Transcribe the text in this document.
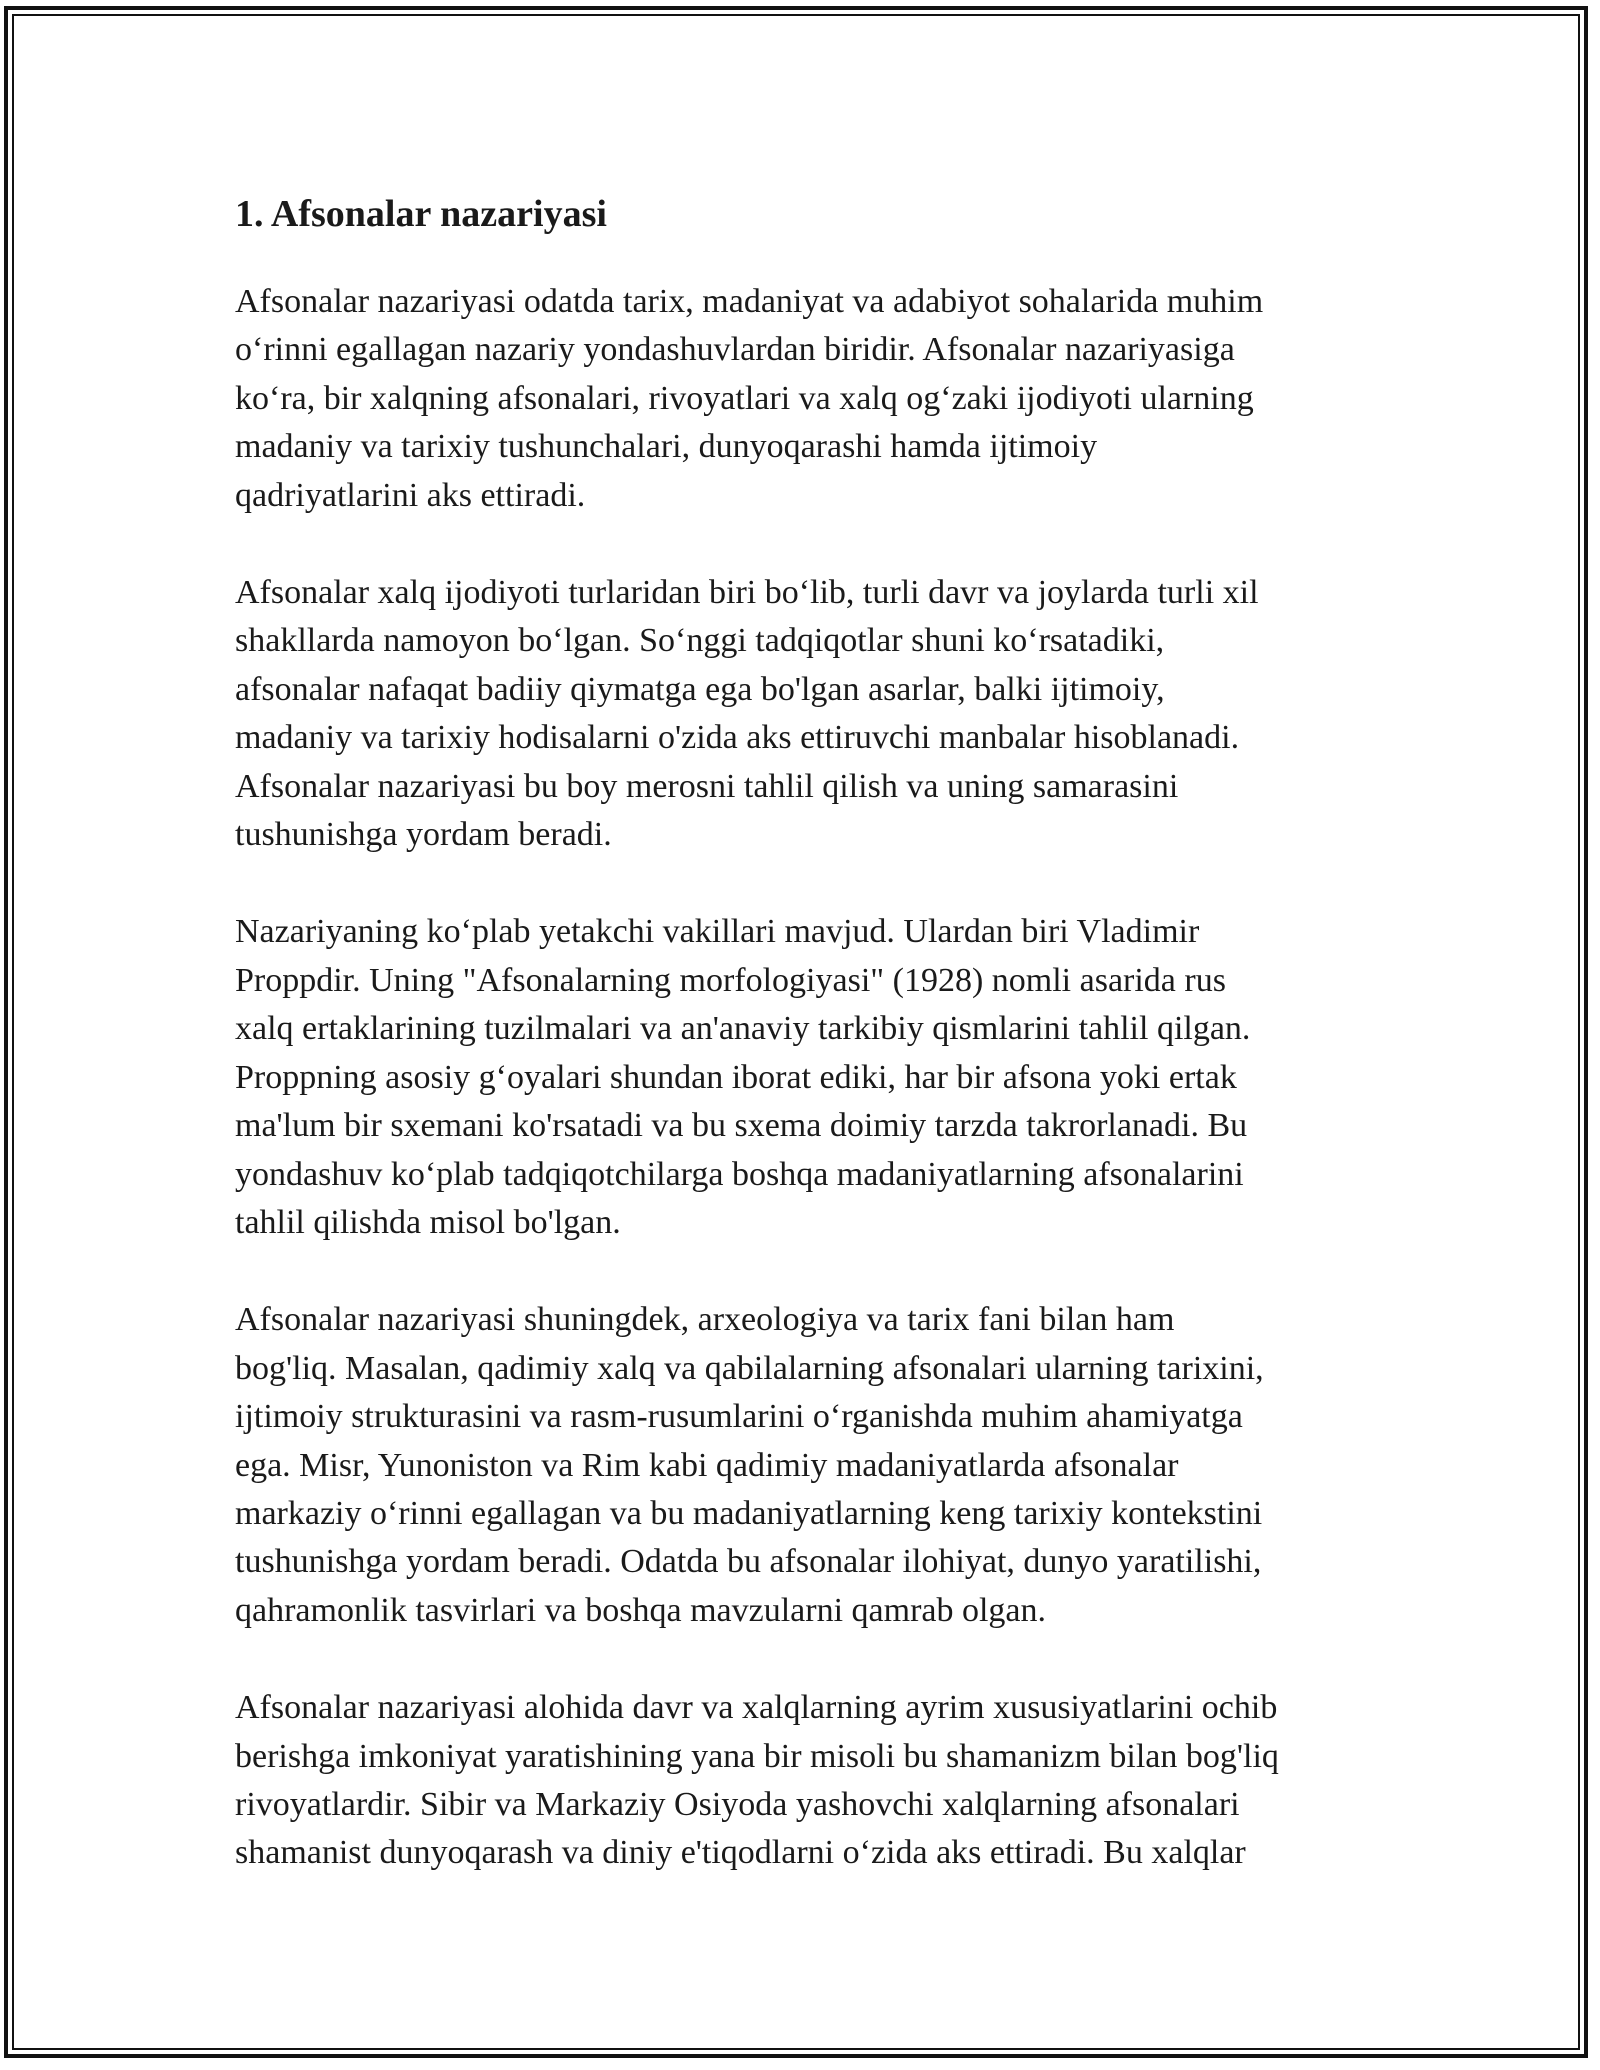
1. Afsonalar nazariyasi

Afsonalar nazariyasi odatda tarix, madaniyat va adabiyot sohalarida muhim
o‘rinni egallagan nazariy yondashuvlardan biridir. Afsonalar nazariyasiga
ko‘ra, bir xalqning afsonalari, rivoyatlari va xalq og‘zaki ijodiyoti ularning
madaniy va tarixiy tushunchalari, dunyoqarashi hamda ijtimoiy
qadriyatlarini aks ettiradi.

Afsonalar xalq ijodiyoti turlaridan biri bo‘lib, turli davr va joylarda turli xil
shakllarda namoyon bo‘lgan. So‘nggi tadqiqotlar shuni ko‘rsatadiki,
afsonalar nafaqat badiiy qiymatga ega bo'lgan asarlar, balki ijtimoiy,
madaniy va tarixiy hodisalarni o'zida aks ettiruvchi manbalar hisoblanadi.
Afsonalar nazariyasi bu boy merosni tahlil qilish va uning samarasini
tushunishga yordam beradi.

Nazariyaning ko‘plab yetakchi vakillari mavjud. Ulardan biri Vladimir
Proppdir. Uning "Afsonalarning morfologiyasi" (1928) nomli asarida rus
xalq ertaklarining tuzilmalari va an'anaviy tarkibiy qismlarini tahlil qilgan.
Proppning asosiy g‘oyalari shundan iborat ediki, har bir afsona yoki ertak
ma'lum bir sxemani ko'rsatadi va bu sxema doimiy tarzda takrorlanadi. Bu
yondashuv ko‘plab tadqiqotchilarga boshqa madaniyatlarning afsonalarini
tahlil qilishda misol bo'lgan.

Afsonalar nazariyasi shuningdek, arxeologiya va tarix fani bilan ham
bog'liq. Masalan, qadimiy xalq va qabilalarning afsonalari ularning tarixini,
ijtimoiy strukturasini va rasm-rusumlarini o‘rganishda muhim ahamiyatga
ega. Misr, Yunoniston va Rim kabi qadimiy madaniyatlarda afsonalar
markaziy o‘rinni egallagan va bu madaniyatlarning keng tarixiy kontekstini
tushunishga yordam beradi. Odatda bu afsonalar ilohiyat, dunyo yaratilishi,
qahramonlik tasvirlari va boshqa mavzularni qamrab olgan.

Afsonalar nazariyasi alohida davr va xalqlarning ayrim xususiyatlarini ochib
berishga imkoniyat yaratishining yana bir misoli bu shamanizm bilan bog'liq
rivoyatlardir. Sibir va Markaziy Osiyoda yashovchi xalqlarning afsonalari
shamanist dunyoqarash va diniy e'tiqodlarni o‘zida aks ettiradi. Bu xalqlar
